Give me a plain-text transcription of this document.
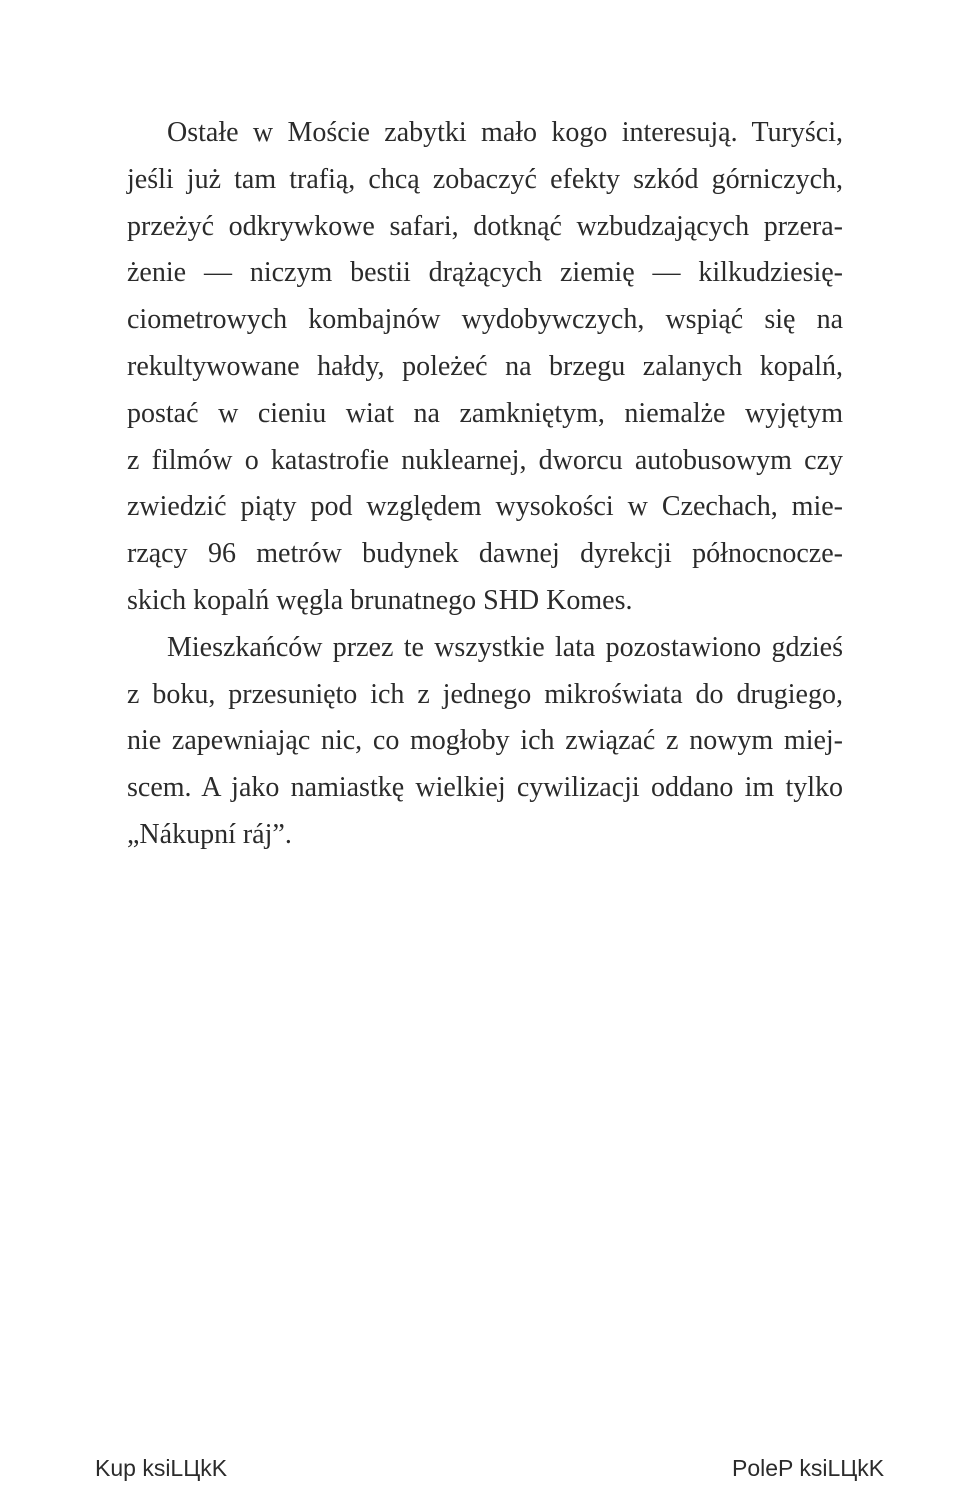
Ostałe w Moście zabytki mało kogo interesują. Turyści,
jeśli już tam trafią, chcą zobaczyć efekty szkód górniczych,
przeżyć odkrywkowe safari, dotknąć wzbudzających przera-
żenie — niczym bestii drążących ziemię — kilkudziesię-
ciometrowych kombajnów wydobywczych, wspiąć się na
rekultywowane hałdy, poleżeć na brzegu zalanych kopalń,
postać w cieniu wiat na zamkniętym, niemalże wyjętym
z filmów o katastrofie nuklearnej, dworcu autobusowym czy
zwiedzić piąty pod względem wysokości w Czechach, mie-
rzący 96 metrów budynek dawnej dyrekcji północnocze-
skich kopalń węgla brunatnego SHD Komes.
Mieszkańców przez te wszystkie lata pozostawiono gdzieś
z boku, przesunięto ich z jednego mikroświata do drugiego,
nie zapewniając nic, co mogłoby ich związać z nowym miej-
scem. A jako namiastkę wielkiej cywilizacji oddano im tylko
„Nákupní ráj”.
Kup ksiLЦkK	PoleP ksiLЦkK
